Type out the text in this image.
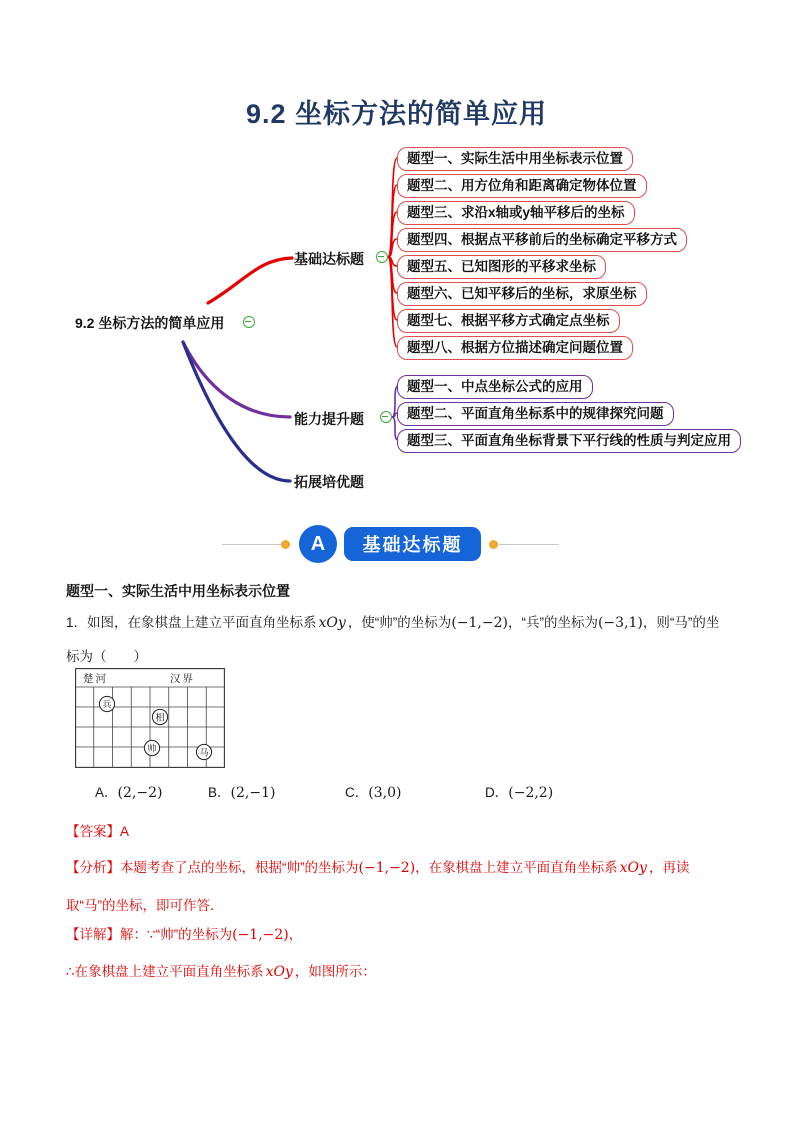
9.2 坐标方法的简单应用
9.2 坐标方法的简单应用
基础达标题
能力提升题
拓展培优题
题型一、实际生活中用坐标表示位置
题型二、用方位角和距离确定物体位置
题型三、求沿x轴或y轴平移后的坐标
题型四、根据点平移前后的坐标确定平移方式
题型五、已知图形的平移求坐标
题型六、已知平移后的坐标，求原坐标
题型七、根据平移方式确定点坐标
题型八、根据方位描述确定问题位置
题型一、中点坐标公式的应用
题型二、平面直角坐标系中的规律探究问题
题型三、平面直角坐标背景下平行线的性质与判定应用
A	基础达标题
题型一、实际生活中用坐标表示位置

1．如图，在象棋盘上建立平面直角坐标系 xOy ，使“帅”的坐标为(−1,−2)，“兵”的坐标为(−3,1)，则“马”的坐标为（　　）

楚河	汉界
兵
相
帅	马
A．(2,−2)	B．(2,−1)	C．(3,0)	D．(−2,2)

【答案】A

【分析】本题考查了点的坐标，根据“帅”的坐标为(−1,−2)，在象棋盘上建立平面直角坐标系 xOy ，再读取“马”的坐标，即可作答．

【详解】解：∵“帅”的坐标为(−1,−2)，

∴在象棋盘上建立平面直角坐标系 xOy ，如图所示：
